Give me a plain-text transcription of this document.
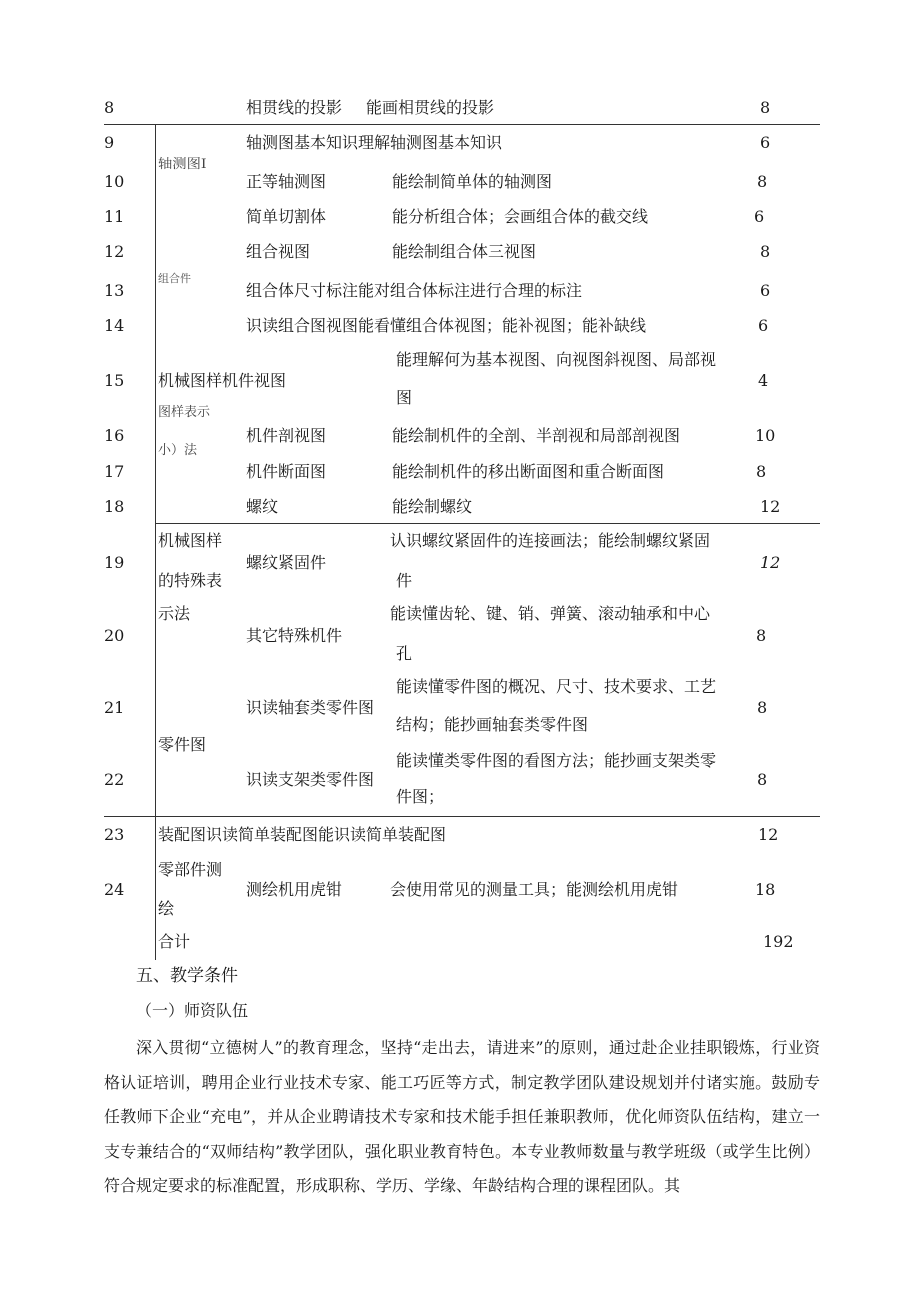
8
9
10
11
12
13
14
15
16
17
18
19
20
21
22
23
24
轴测图I
组合件
机械图样机件视图
图样表示
小）法
机械图样
的特殊表
示法
零件图
零部件测
绘
合计
相贯线的投影
轴测图基本知识理解轴测图基本知识
正等轴测图
简单切割体
组合视图
组合体尺寸标注能对组合体标注进行合理的标注
识读组合图视图能看懂组合体视图；能补视图；能补缺线
机件剖视图
机件断面图
螺纹
螺纹紧固件
其它特殊机件
识读轴套类零件图
识读支架类零件图
装配图识读简单装配图能识读简单装配图
测绘机用虎钳
能画相贯线的投影
能绘制简单体的轴测图
能分析组合体；会画组合体的截交线
能绘制组合体三视图
能理解何为基本视图、向视图斜视图、局部视
图
能绘制机件的全剖、半剖视和局部剖视图
能绘制机件的移出断面图和重合断面图
能绘制螺纹
认识螺纹紧固件的连接画法；能绘制螺纹紧固
件
能读懂齿轮、键、销、弹簧、滚动轴承和中心
孔
能读懂零件图的概况、尺寸、技术要求、工艺
结构；能抄画轴套类零件图
能读懂类零件图的看图方法；能抄画支架类零
件图；
会使用常见的测量工具；能测绘机用虎钳
8
6
8
6
8
6
6
4
10
8
12
12
8
8
8
12
18
192
五、教学条件
（一）师资队伍

深入贯彻“立德树人”的教育理念，坚持“走出去，请进来”的原则，通过赴企业挂职锻炼，行业资格认证培训，聘用企业行业技术专家、能工巧匠等方式，制定教学团队建设规划并付诸实施。鼓励专任教师下企业“充电”，并从企业聘请技术专家和技术能手担任兼职教师，优化师资队伍结构，建立一支专兼结合的“双师结构”教学团队，强化职业教育特色。本专业教师数量与教学班级（或学生比例）符合规定要求的标准配置，形成职称、学历、学缘、年龄结构合理的课程团队。其
